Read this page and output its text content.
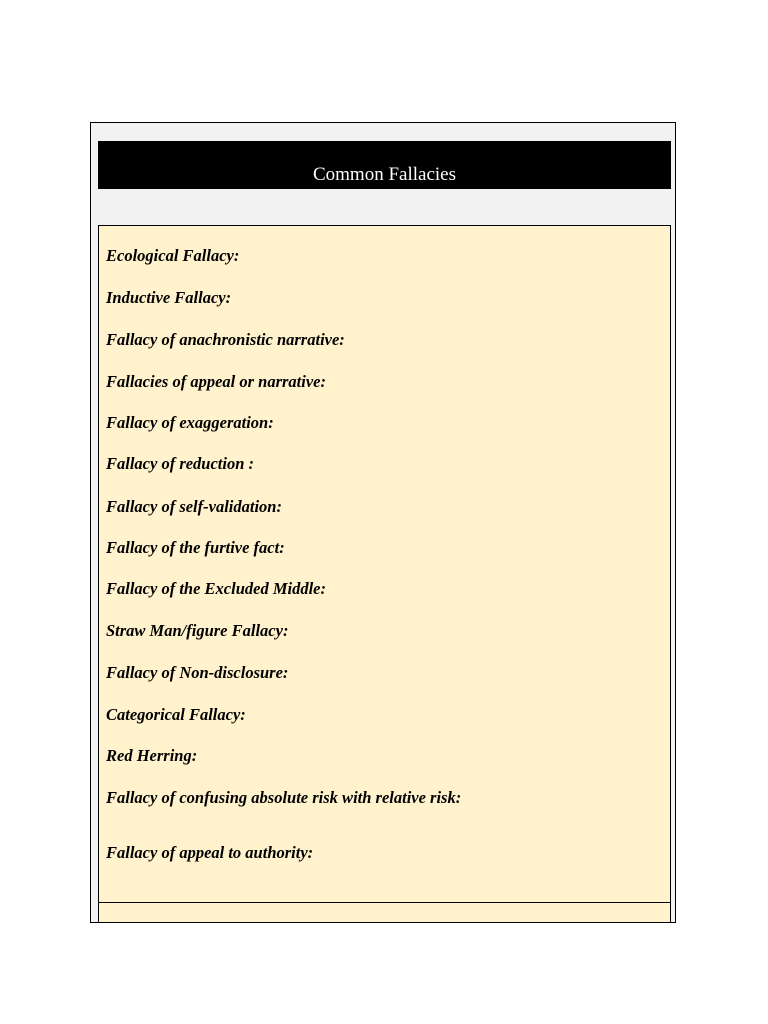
Common Fallacies
Ecological Fallacy:
Inductive Fallacy:
Fallacy of anachronistic narrative:
Fallacies of appeal or narrative:
Fallacy of exaggeration:
Fallacy of reduction :
Fallacy of self-validation:
Fallacy of the furtive fact:
Fallacy of the Excluded Middle:
Straw Man/figure Fallacy:
Fallacy of Non-disclosure:
Categorical Fallacy:
Red Herring:
Fallacy of confusing absolute risk with relative risk:
Fallacy of appeal to authority:
